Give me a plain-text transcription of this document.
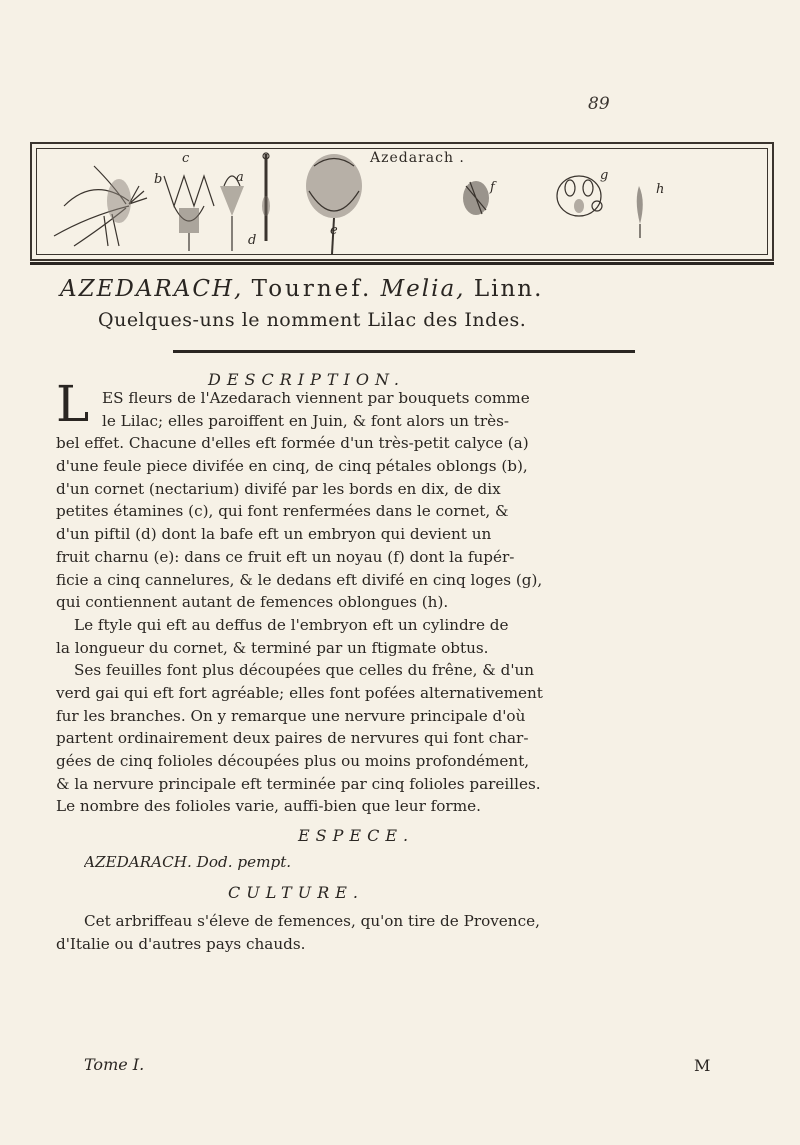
89
Azedarach .
b
c
a
d
e
f
g
h
AZEDARACH, Tournef. Melia, Linn.
Quelques-uns le nomment Lilac des Indes.
DESCRIPTION.
L ES fleurs de l'Azedarach viennent par bouquets comme
le Lilac; elles paroiffent en Juin, & font alors un très-
bel effet. Chacune d'elles eft formée d'un très-petit calyce (a)
d'une feule piece divifée en cinq, de cinq pétales oblongs (b),
d'un cornet (nectarium) divifé par les bords en dix, de dix
petites étamines (c), qui font renfermées dans le cornet, &
d'un piftil (d) dont la bafe eft un embryon qui devient un
fruit charnu (e): dans ce fruit eft un noyau (f) dont la fupér-
ficie a cinq cannelures, & le dedans eft divifé en cinq loges (g),
qui contiennent autant de femences oblongues (h).
Le ftyle qui eft au deffus de l'embryon eft un cylindre de
la longueur du cornet, & terminé par un ftigmate obtus.
Ses feuilles font plus découpées que celles du frêne, & d'un
verd gai qui eft fort agréable; elles font pofées alternativement
fur les branches. On y remarque une nervure principale d'où
partent ordinairement deux paires de nervures qui font char-
gées de cinq folioles découpées plus ou moins profondément,
& la nervure principale eft terminée par cinq folioles pareilles.
Le nombre des folioles varie, auffi-bien que leur forme.
ESPECE.
AZEDARACH. Dod. pempt.
CULTURE.
Cet arbriffeau s'éleve de femences, qu'on tire de Provence,
d'Italie ou d'autres pays chauds.
Tome I.	M
